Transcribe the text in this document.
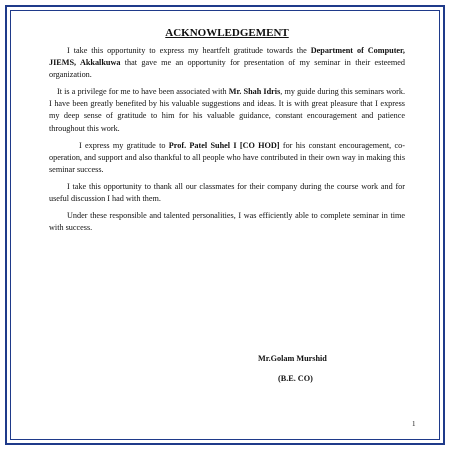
ACKNOWLEDGEMENT

I take this opportunity to express my heartfelt gratitude towards the Department of Computer, JIEMS, Akkalkuwa that gave me an opportunity for presentation of my seminar in their esteemed organization.

It is a privilege for me to have been associated with Mr. Shah Idris, my guide during this seminars work. I have been greatly benefited by his valuable suggestions and ideas. It is with great pleasure that I express my deep sense of gratitude to him for his valuable guidance, constant encouragement and patience throughout this work.

I express my gratitude to Prof. Patel Suhel I [CO HOD] for his constant encouragement, co-operation, and support and also thankful to all people who have contributed in their own way in making this seminar success.

I take this opportunity to thank all our classmates for their company during the course work and for useful discussion I had with them.

Under these responsible and talented personalities, I was efficiently able to complete seminar in time with success.

Mr.Golam Murshid
(B.E. CO)
1
